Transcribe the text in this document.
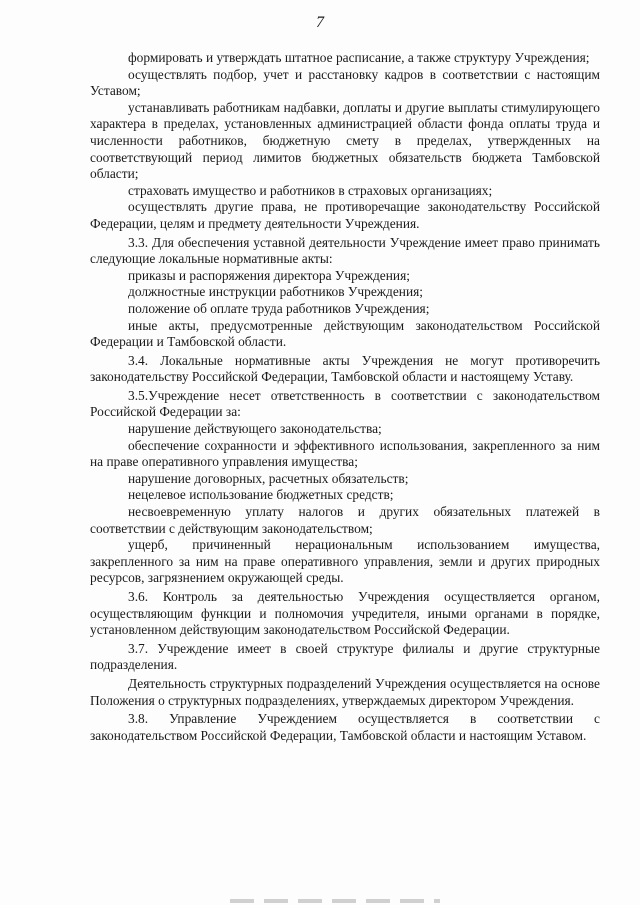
7

формировать и утверждать штатное расписание, а также структуру Учреждения;

осуществлять подбор, учет и расстановку кадров в соответствии с настоящим Уставом;

устанавливать работникам надбавки, доплаты и другие выплаты стимулирующего характера в пределах, установленных администрацией области фонда оплаты труда и численности работников, бюджетную смету в пределах, утвержденных на соответствующий период лимитов бюджетных обязательств бюджета Тамбовской области;

страховать имущество и работников в страховых организациях;

осуществлять другие права, не противоречащие законодательству Российской Федерации, целям и предмету деятельности Учреждения.

3.3. Для обеспечения уставной деятельности Учреждение имеет право принимать следующие локальные нормативные акты:

приказы и распоряжения директора Учреждения;

должностные инструкции работников Учреждения;

положение об оплате труда работников Учреждения;

иные акты, предусмотренные действующим законодательством Российской Федерации и Тамбовской области.

3.4. Локальные нормативные акты Учреждения не могут противоречить законодательству Российской Федерации, Тамбовской области и настоящему Уставу.

3.5.Учреждение несет ответственность в соответствии с законодательством Российской Федерации за:

нарушение действующего законодательства;

обеспечение сохранности и эффективного использования, закрепленного за ним на праве оперативного управления имущества;

нарушение договорных, расчетных обязательств;

нецелевое использование бюджетных средств;

несвоевременную уплату налогов и других обязательных платежей в соответствии с действующим законодательством;

ущерб, причиненный нерациональным использованием имущества, закрепленного за ним на праве оперативного управления, земли и других природных ресурсов, загрязнением окружающей среды.

3.6. Контроль за деятельностью Учреждения осуществляется органом, осуществляющим функции и полномочия учредителя, иными органами в порядке, установленном действующим законодательством Российской Федерации.

3.7. Учреждение имеет в своей структуре филиалы и другие структурные подразделения.

Деятельность структурных подразделений Учреждения осуществляется на основе Положения о структурных подразделениях, утверждаемых директором Учреждения.

3.8. Управление Учреждением осуществляется в соответствии с законодательством Российской Федерации, Тамбовской области и настоящим Уставом.
